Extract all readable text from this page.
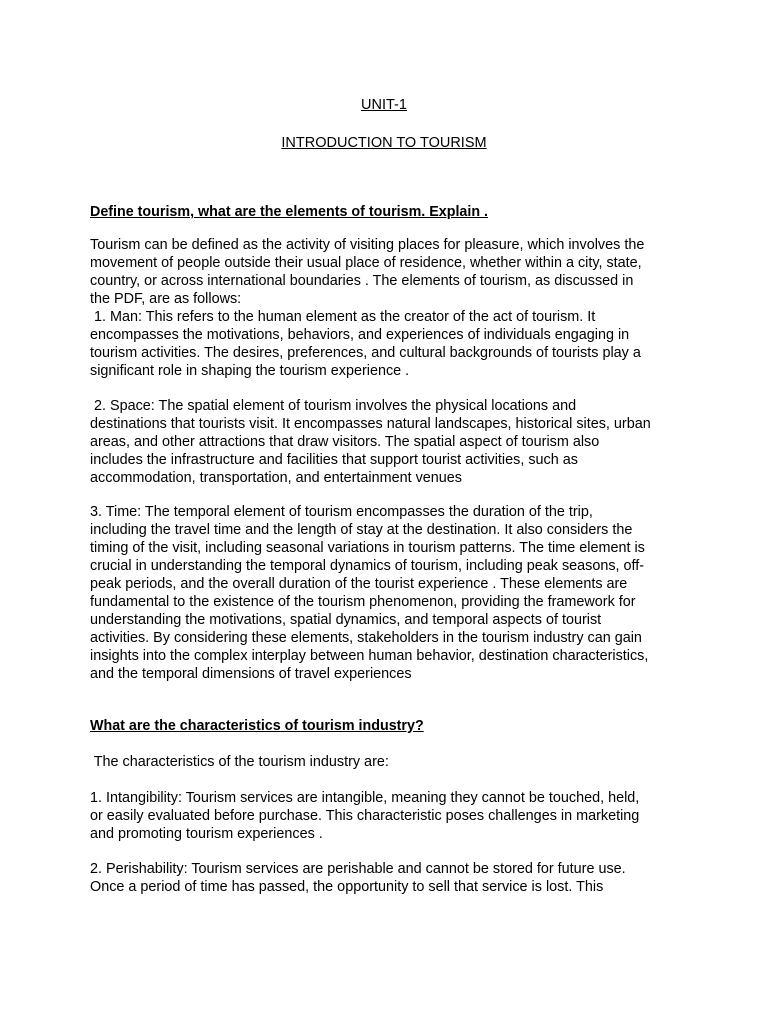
UNIT-1
INTRODUCTION TO TOURISM
Define tourism, what are the elements of tourism. Explain .

Tourism can be defined as the activity of visiting places for pleasure, which involves the
movement of people outside their usual place of residence, whether within a city, state,
country, or across international boundaries . The elements of tourism, as discussed in
the PDF, are as follows:
1. Man: This refers to the human element as the creator of the act of tourism. It
encompasses the motivations, behaviors, and experiences of individuals engaging in
tourism activities. The desires, preferences, and cultural backgrounds of tourists play a
significant role in shaping the tourism experience .

2. Space: The spatial element of tourism involves the physical locations and
destinations that tourists visit. It encompasses natural landscapes, historical sites, urban
areas, and other attractions that draw visitors. The spatial aspect of tourism also
includes the infrastructure and facilities that support tourist activities, such as
accommodation, transportation, and entertainment venues

3. Time: The temporal element of tourism encompasses the duration of the trip,
including the travel time and the length of stay at the destination. It also considers the
timing of the visit, including seasonal variations in tourism patterns. The time element is
crucial in understanding the temporal dynamics of tourism, including peak seasons, off-
peak periods, and the overall duration of the tourist experience . These elements are
fundamental to the existence of the tourism phenomenon, providing the framework for
understanding the motivations, spatial dynamics, and temporal aspects of tourist
activities. By considering these elements, stakeholders in the tourism industry can gain
insights into the complex interplay between human behavior, destination characteristics,
and the temporal dimensions of travel experiences

What are the characteristics of tourism industry?

The characteristics of the tourism industry are:

1. Intangibility: Tourism services are intangible, meaning they cannot be touched, held,
or easily evaluated before purchase. This characteristic poses challenges in marketing
and promoting tourism experiences .

2. Perishability: Tourism services are perishable and cannot be stored for future use.
Once a period of time has passed, the opportunity to sell that service is lost. This
